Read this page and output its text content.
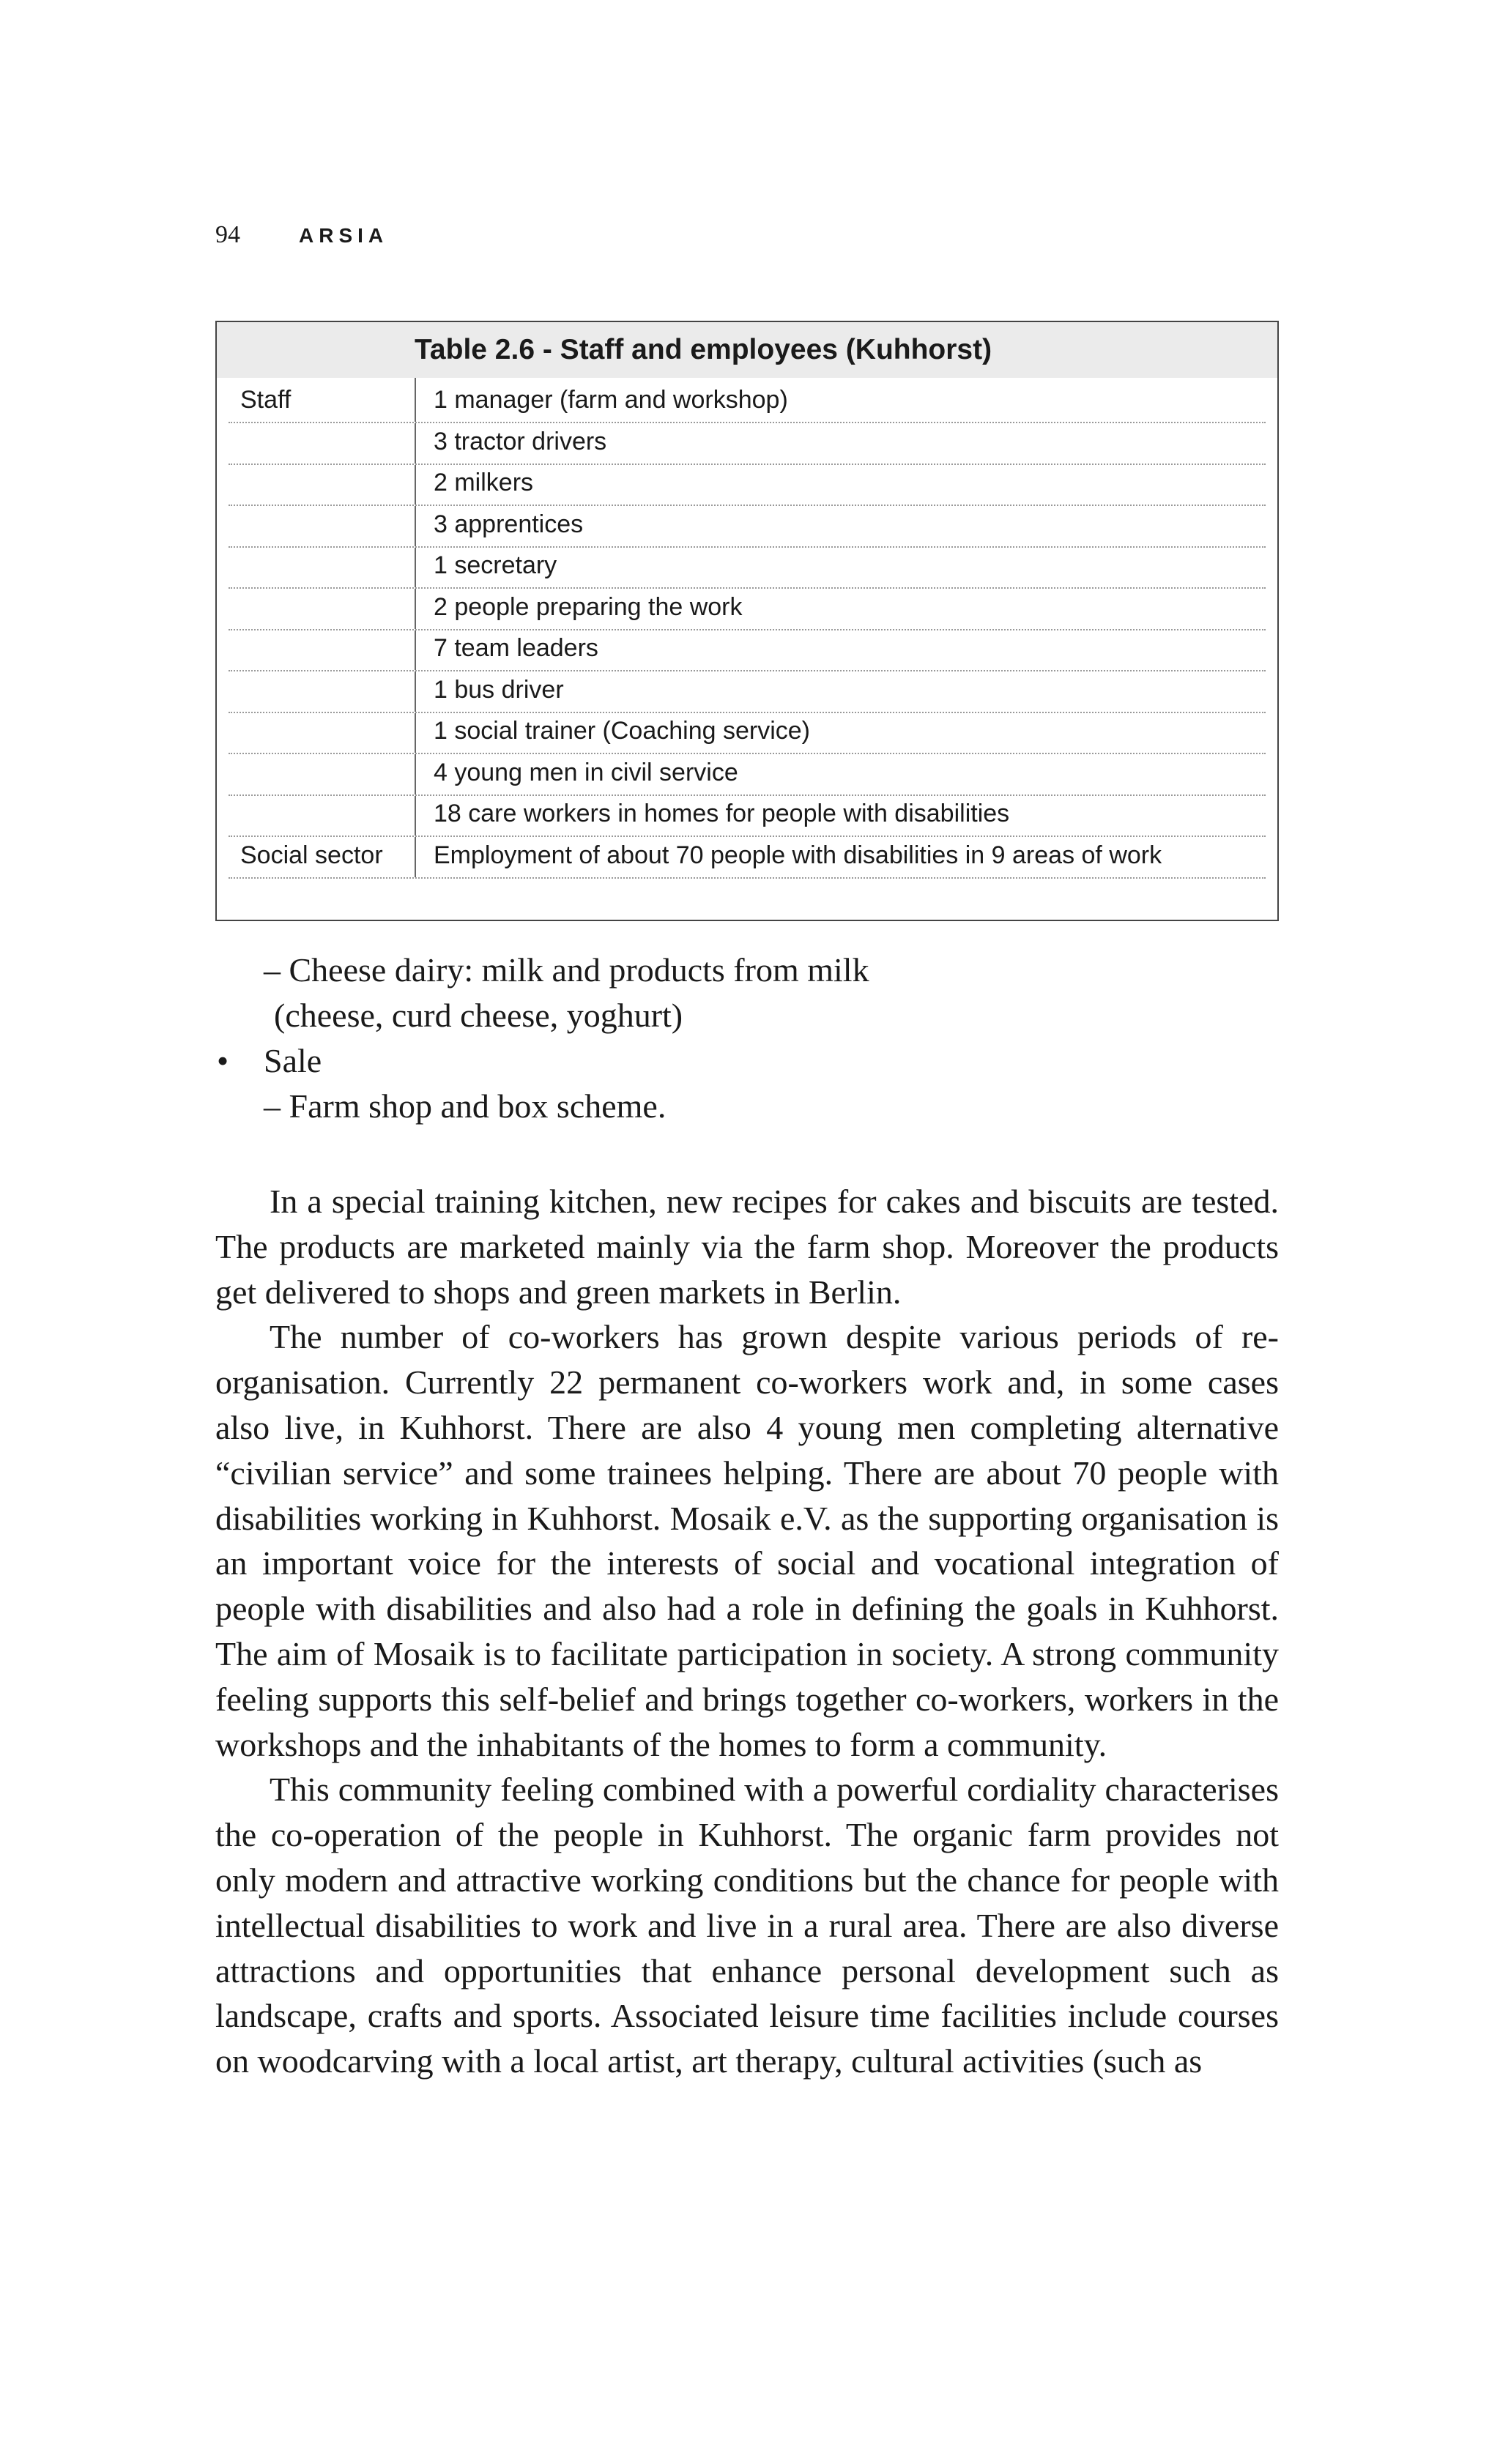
94	ARSIA
Table 2.6 - Staff and employees (Kuhhorst)
Staff	1 manager (farm and workshop)
3 tractor drivers
2 milkers
3 apprentices
1 secretary
2 people preparing the work
7 team leaders
1 bus driver
1 social trainer (Coaching service)
4 young men in civil service
18 care workers in homes for people with disabilities
Social sector	Employment of about 70 people with disabilities in 9 areas of work
– Cheese dairy: milk and products from milk
(cheese, curd cheese, yoghurt)
•	Sale
– Farm shop and box scheme.

In a special training kitchen, new recipes for cakes and biscuits are tested. The products are marketed mainly via the farm shop. Moreover the products get delivered to shops and green markets in Berlin.

The number of co-workers has grown despite various periods of re-organisation. Currently 22 permanent co-workers work and, in some cases also live, in Kuhhorst. There are also 4 young men completing alternative “civilian service” and some trainees helping. There are about 70 people with disabilities working in Kuhhorst. Mosaik e.V. as the supporting organisation is an important voice for the interests of social and vocational integration of people with disabilities and also had a role in defining the goals in Kuhhorst. The aim of Mosaik is to facilitate participation in society. A strong community feeling supports this self-belief and brings together co-workers, workers in the workshops and the inhabitants of the homes to form a community.

This community feeling combined with a powerful cordiality characterises the co-operation of the people in Kuhhorst. The organic farm provides not only modern and attractive working conditions but the chance for people with intellectual disabilities to work and live in a rural area. There are also diverse attractions and opportunities that enhance personal development such as landscape, crafts and sports. Associated leisure time facilities include courses on woodcarving with a local artist, art therapy, cultural activities (such as
